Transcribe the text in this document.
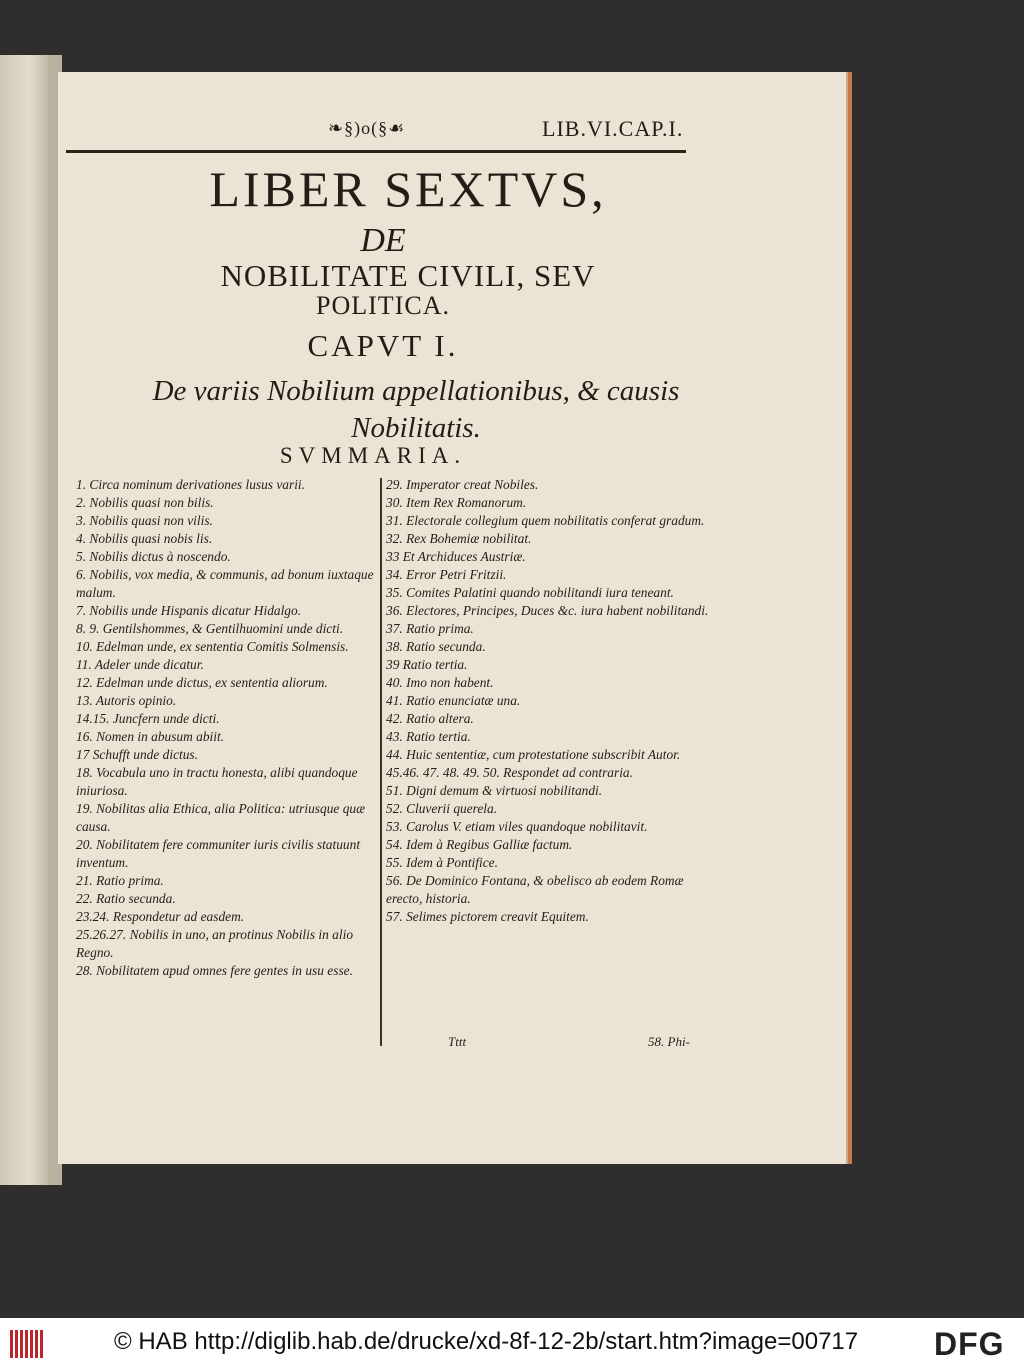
❧§)o(§☙	LIB.VI.CAP.I.
LIBER SEXTVS,
DE
NOBILITATE CIVILI, SEV
POLITICA.
CAPVT I.
De variis Nobilium appellationibus, & causis Nobilitatis.
SVMMARIA.

1. Circa nominum derivationes lusus varii.

2. Nobilis quasi non bilis.

3. Nobilis quasi non vilis.

4. Nobilis quasi nobis lis.

5. Nobilis dictus à noscendo.

6. Nobilis, vox media, & communis, ad bonum iuxtaque malum.

7. Nobilis unde Hispanis dicatur Hidalgo.

8. 9. Gentilshommes, & Gentilhuomini unde dicti.

10. Edelman unde, ex sententia Comitis Solmensis.

11. Adeler unde dicatur.

12. Edelman unde dictus, ex sententia aliorum.

13. Autoris opinio.

14.15. Juncfern unde dicti.

16. Nomen in abusum abiit.

17 Schufft unde dictus.

18. Vocabula uno in tractu honesta, alibi quandoque iniuriosa.

19. Nobilitas alia Ethica, alia Politica: utriusque quæ causa.

20. Nobilitatem fere communiter iuris civilis statuunt inventum.

21. Ratio prima.

22. Ratio secunda.

23.24. Respondetur ad easdem.

25.26.27. Nobilis in uno, an protinus Nobilis in alio Regno.

28. Nobilitatem apud omnes fere gentes in usu esse.

29. Imperator creat Nobiles.

30. Item Rex Romanorum.

31. Electorale collegium quem nobilitatis conferat gradum.

32. Rex Bohemiæ nobilitat.

33 Et Archiduces Austriæ.

34. Error Petri Fritzii.

35. Comites Palatini quando nobilitandi iura teneant.

36. Electores, Principes, Duces &c. iura habent nobilitandi.

37. Ratio prima.

38. Ratio secunda.

39 Ratio tertia.

40. Imo non habent.

41. Ratio enunciatæ una.

42. Ratio altera.

43. Ratio tertia.

44. Huic sententiæ, cum protestatione subscribit Autor.

45.46. 47. 48. 49. 50. Respondet ad contraria.

51. Digni demum & virtuosi nobilitandi.

52. Cluverii querela.

53. Carolus V. etiam viles quandoque nobilitavit.

54. Idem à Regibus Galliæ factum.

55. Idem à Pontifice.

56. De Dominico Fontana, & obelisco ab eodem Romæ erecto, historia.

57. Selimes pictorem creavit Equitem.

Tttt	58. Phi-
© HAB http://diglib.hab.de/drucke/xd-8f-12-2b/start.htm?image=00717 DFG
